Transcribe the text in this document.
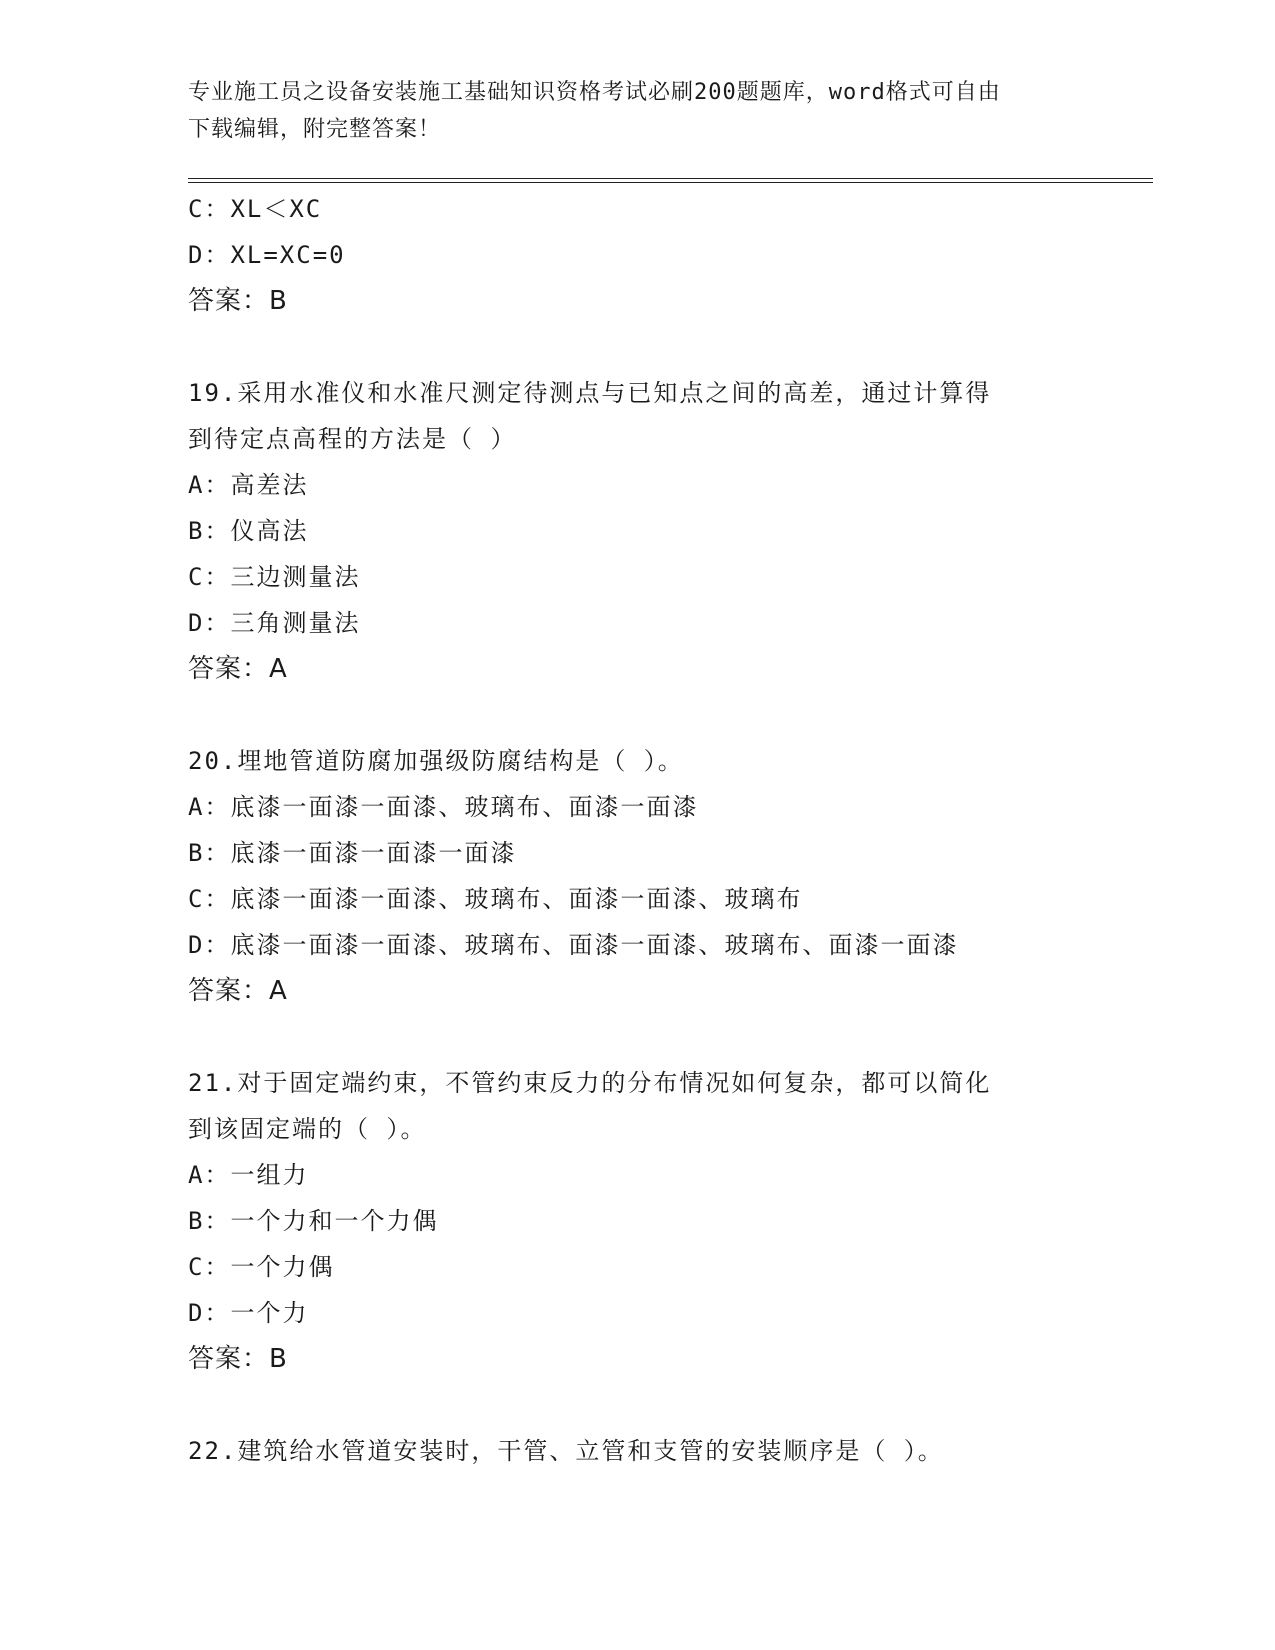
专业施工员之设备安装施工基础知识资格考试必刷200题题库，word格式可自由
下载编辑，附完整答案！
C：XL＜XC
D：XL=XC=0
答案：B
19.采用水准仪和水准尺测定待测点与已知点之间的高差，通过计算得
到待定点高程的方法是（ ）
A：高差法
B：仪高法
C：三边测量法
D：三角测量法
答案：A
20.埋地管道防腐加强级防腐结构是（ ）。
A：底漆一面漆一面漆、玻璃布、面漆一面漆
B：底漆一面漆一面漆一面漆
C：底漆一面漆一面漆、玻璃布、面漆一面漆、玻璃布
D：底漆一面漆一面漆、玻璃布、面漆一面漆、玻璃布、面漆一面漆
答案：A
21.对于固定端约束，不管约束反力的分布情况如何复杂，都可以简化
到该固定端的（ ）。
A：一组力
B：一个力和一个力偶
C：一个力偶
D：一个力
答案：B
22.建筑给水管道安装时，干管、立管和支管的安装顺序是（ ）。
